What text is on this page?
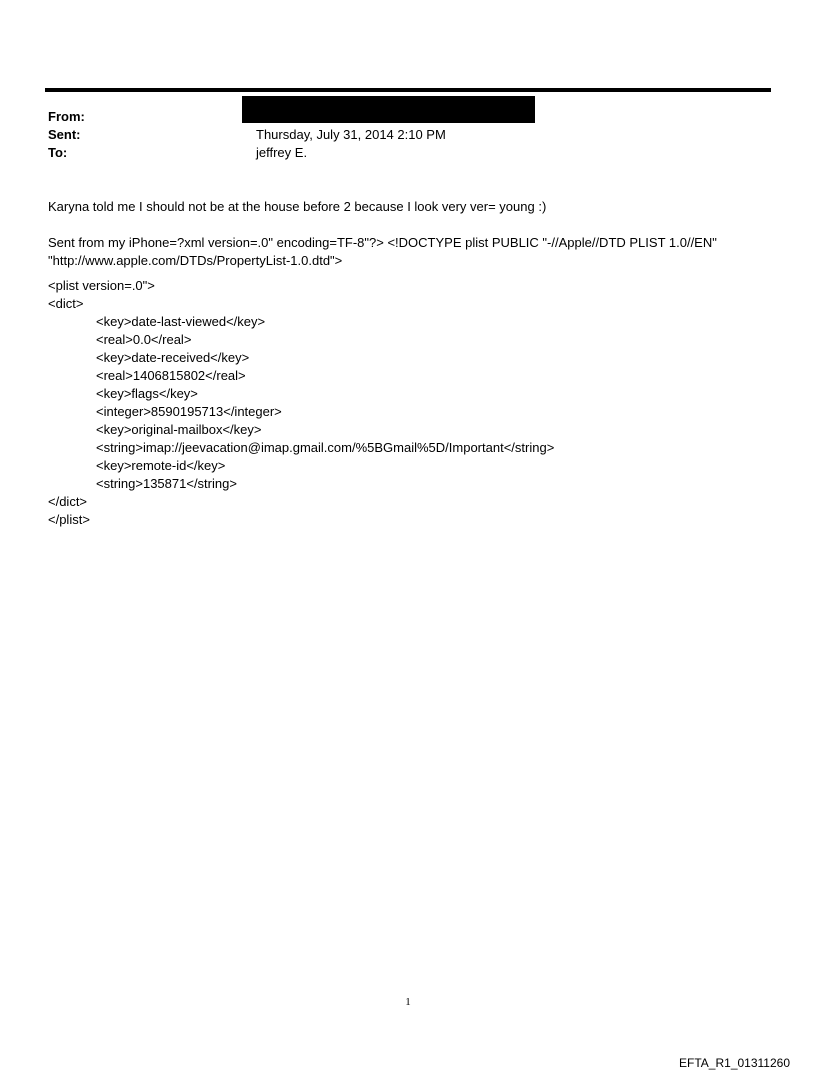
From:
Sent:	Thursday, July 31, 2014 2:10 PM
To:	jeffrey E.
Karyna told me I should not be at the house before 2 because I look very ver= young :)
Sent from my iPhone=?xml version=.0" encoding=TF-8"?> <!DOCTYPE plist PUBLIC "-//Apple//DTD PLIST 1.0//EN"
"http://www.apple.com/DTDs/PropertyList-1.0.dtd">
<plist version=.0">
<dict>
<key>date-last-viewed</key>
<real>0.0</real>
<key>date-received</key>
<real>1406815802</real>
<key>flags</key>
<integer>8590195713</integer>
<key>original-mailbox</key>
<string>imap://jeevacation@imap.gmail.com/%5BGmail%5D/Important</string>
<key>remote-id</key>
<string>135871</string>
</dict>
</plist>
1
EFTA_R1_01311260
